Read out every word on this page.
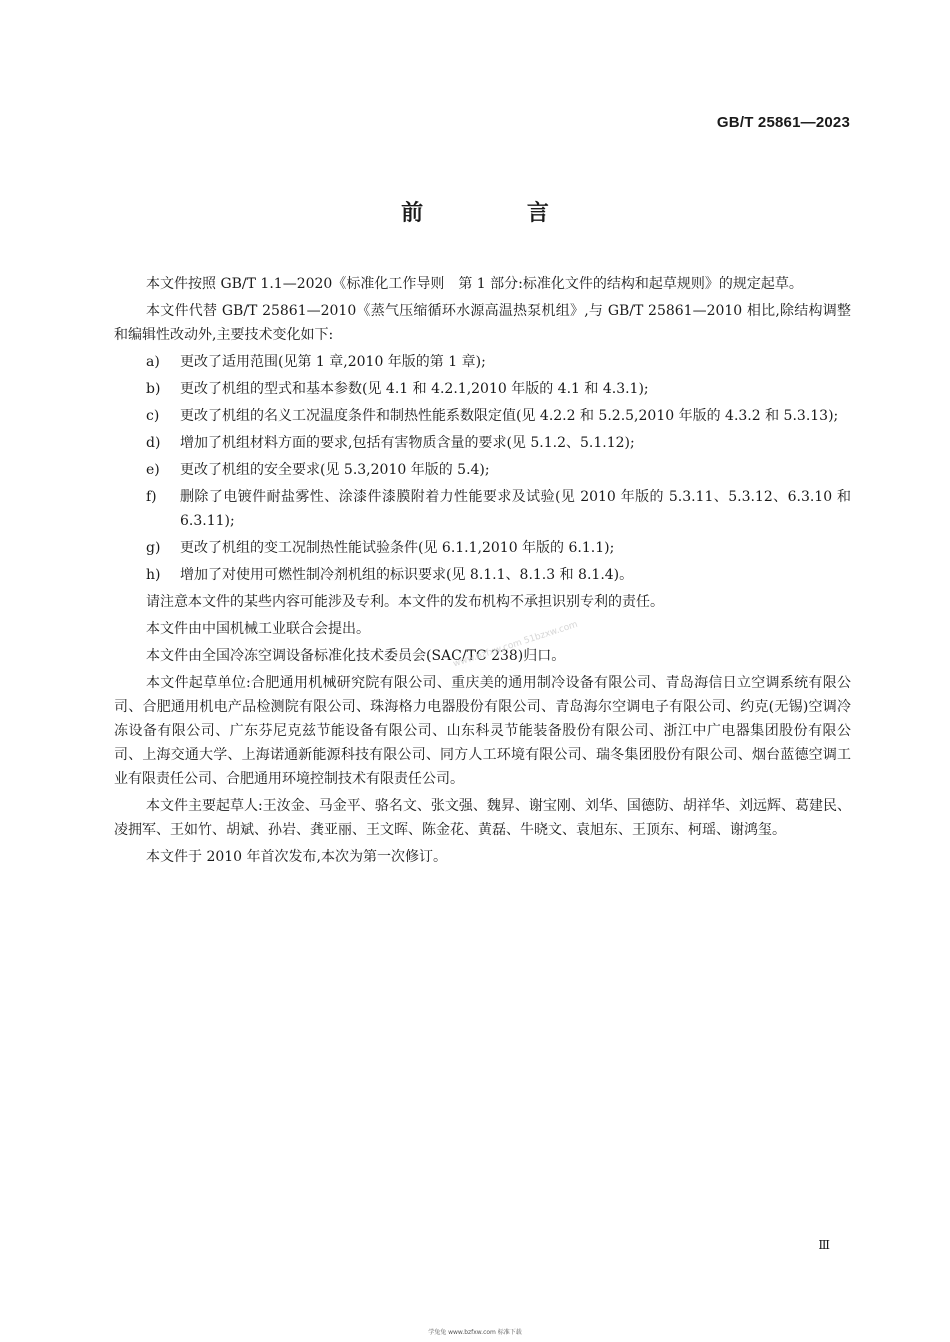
GB/T 25861—2023
前 言

本文件按照 GB/T 1.1—2020《标准化工作导则　第 1 部分:标准化文件的结构和起草规则》的规定起草。

本文件代替 GB/T 25861—2010《蒸气压缩循环水源高温热泵机组》,与 GB/T 25861—2010 相比,除结构调整和编辑性改动外,主要技术变化如下:

a) 更改了适用范围(见第 1 章,2010 年版的第 1 章);
b) 更改了机组的型式和基本参数(见 4.1 和 4.2.1,2010 年版的 4.1 和 4.3.1);
c) 更改了机组的名义工况温度条件和制热性能系数限定值(见 4.2.2 和 5.2.5,2010 年版的 4.3.2 和 5.3.13);
d) 增加了机组材料方面的要求,包括有害物质含量的要求(见 5.1.2、5.1.12);
e) 更改了机组的安全要求(见 5.3,2010 年版的 5.4);
f) 删除了电镀件耐盐雾性、涂漆件漆膜附着力性能要求及试验(见 2010 年版的 5.3.11、5.3.12、6.3.10 和 6.3.11);
g) 更改了机组的变工况制热性能试验条件(见 6.1.1,2010 年版的 6.1.1);
h) 增加了对使用可燃性制冷剂机组的标识要求(见 8.1.1、8.1.3 和 8.1.4)。

请注意本文件的某些内容可能涉及专利。本文件的发布机构不承担识别专利的责任。

本文件由中国机械工业联合会提出。

本文件由全国冷冻空调设备标准化技术委员会(SAC/TC 238)归口。

本文件起草单位:合肥通用机械研究院有限公司、重庆美的通用制冷设备有限公司、青岛海信日立空调系统有限公司、合肥通用机电产品检测院有限公司、珠海格力电器股份有限公司、青岛海尔空调电子有限公司、约克(无锡)空调冷冻设备有限公司、广东芬尼克兹节能设备有限公司、山东科灵节能装备股份有限公司、浙江中广电器集团股份有限公司、上海交通大学、上海诺通新能源科技有限公司、同方人工环境有限公司、瑞冬集团股份有限公司、烟台蓝德空调工业有限责任公司、合肥通用环境控制技术有限责任公司。

本文件主要起草人:王汝金、马金平、骆名文、张文强、魏昇、谢宝刚、刘华、国德防、胡祥华、刘远辉、葛建民、凌拥军、王如竹、胡斌、孙岩、龚亚丽、王文晖、陈金花、黄磊、牛晓文、袁旭东、王顶东、柯瑶、谢鸿玺。

本文件于 2010 年首次发布,本次为第一次修订。

www.bzfxw.com 51bzxw.com
Ⅲ
学兔兔 www.bzfxw.com 标准下载
